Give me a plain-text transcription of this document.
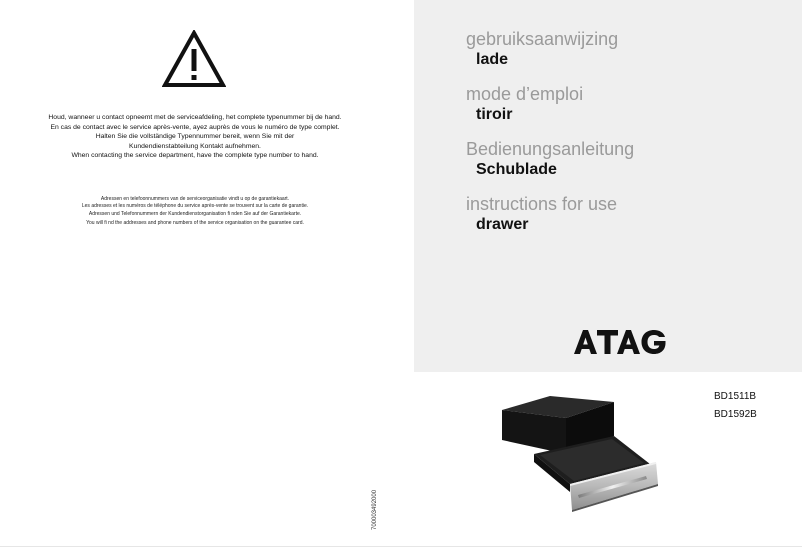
Houd, wanneer u contact opneemt met de serviceafdeling, het complete typenummer bij de hand.
En cas de contact avec le service après-vente, ayez auprès de vous le numéro de type complet.
Halten Sie die vollständige Typennummer bereit, wenn Sie mit der
Kundendienstabteilung Kontakt aufnehmen.
When contacting the service department, have the complete type number to hand.
Adressen en telefoonnummers van de serviceorganisatie vindt u op de garantiekaart.
Les adresses et les numéros de téléphone du service après-vente se trouvent sur la carte de garantie.
Adressen und Telefonnummern der Kundendienstorganisation fi nden Sie auf der Garantiekarte.
You will fi nd the addresses and phone numbers of the service organisation on the guarantee card.
gebruiksaanwijzing
lade
mode d’emploi
tiroir
Bedienungsanleitung
Schublade
instructions for use
drawer
BD1511B
BD1592B
700003492000
